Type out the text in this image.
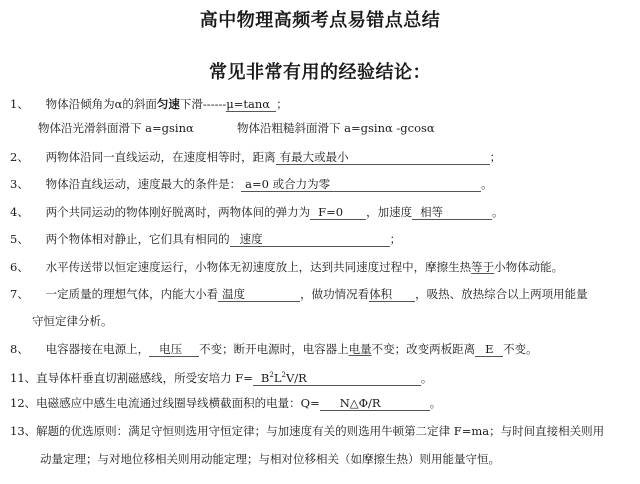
高中物理高频考点易错点总结
常见非常有用的经验结论：
1、 物体沿倾角为α的斜面匀速下滑------μ=tanα ；
物体沿光滑斜面滑下 a=gsinα	物体沿粗糙斜面滑下 a=gsinα -gcosα
2、 两物体沿同一直线运动，在速度相等时，距离 有最大或最小	；
3、 物体沿直线运动，速度最大的条件是： a=0 或合力为零	。
4、 两个共同运动的物体刚好脱离时，两物体间的弹力为 F=0 ，加速度 相等	。
5、 两个物体相对静止，它们具有相同的 速度	；
6、 水平传送带以恒定速度运行，小物体无初速度放上，达到共同速度过程中，摩擦生热等于小物体动能。
7、 一定质量的理想气体，内能大小看 温度	，做功情况看体积 ，吸热、放热综合以上两项用能量
守恒定律分析。
8、 电容器接在电源上， 电压 不变；断开电源时，电容器上电量不变；改变两板距离 E 不变。
11、直导体杆垂直切割磁感线，所受安培力 $F= B^2L^2V/R$	。
12、电磁感应中感生电流通过线圈导线横截面积的电量：Q= N△Φ/R	。
13、解题的优选原则：满足守恒则选用守恒定律；与加速度有关的则选用牛顿第二定律 F=ma；与时间直接相关则用
动量定理；与对地位移相关则用动能定理；与相对位移相关（如摩擦生热）则用能量守恒。
